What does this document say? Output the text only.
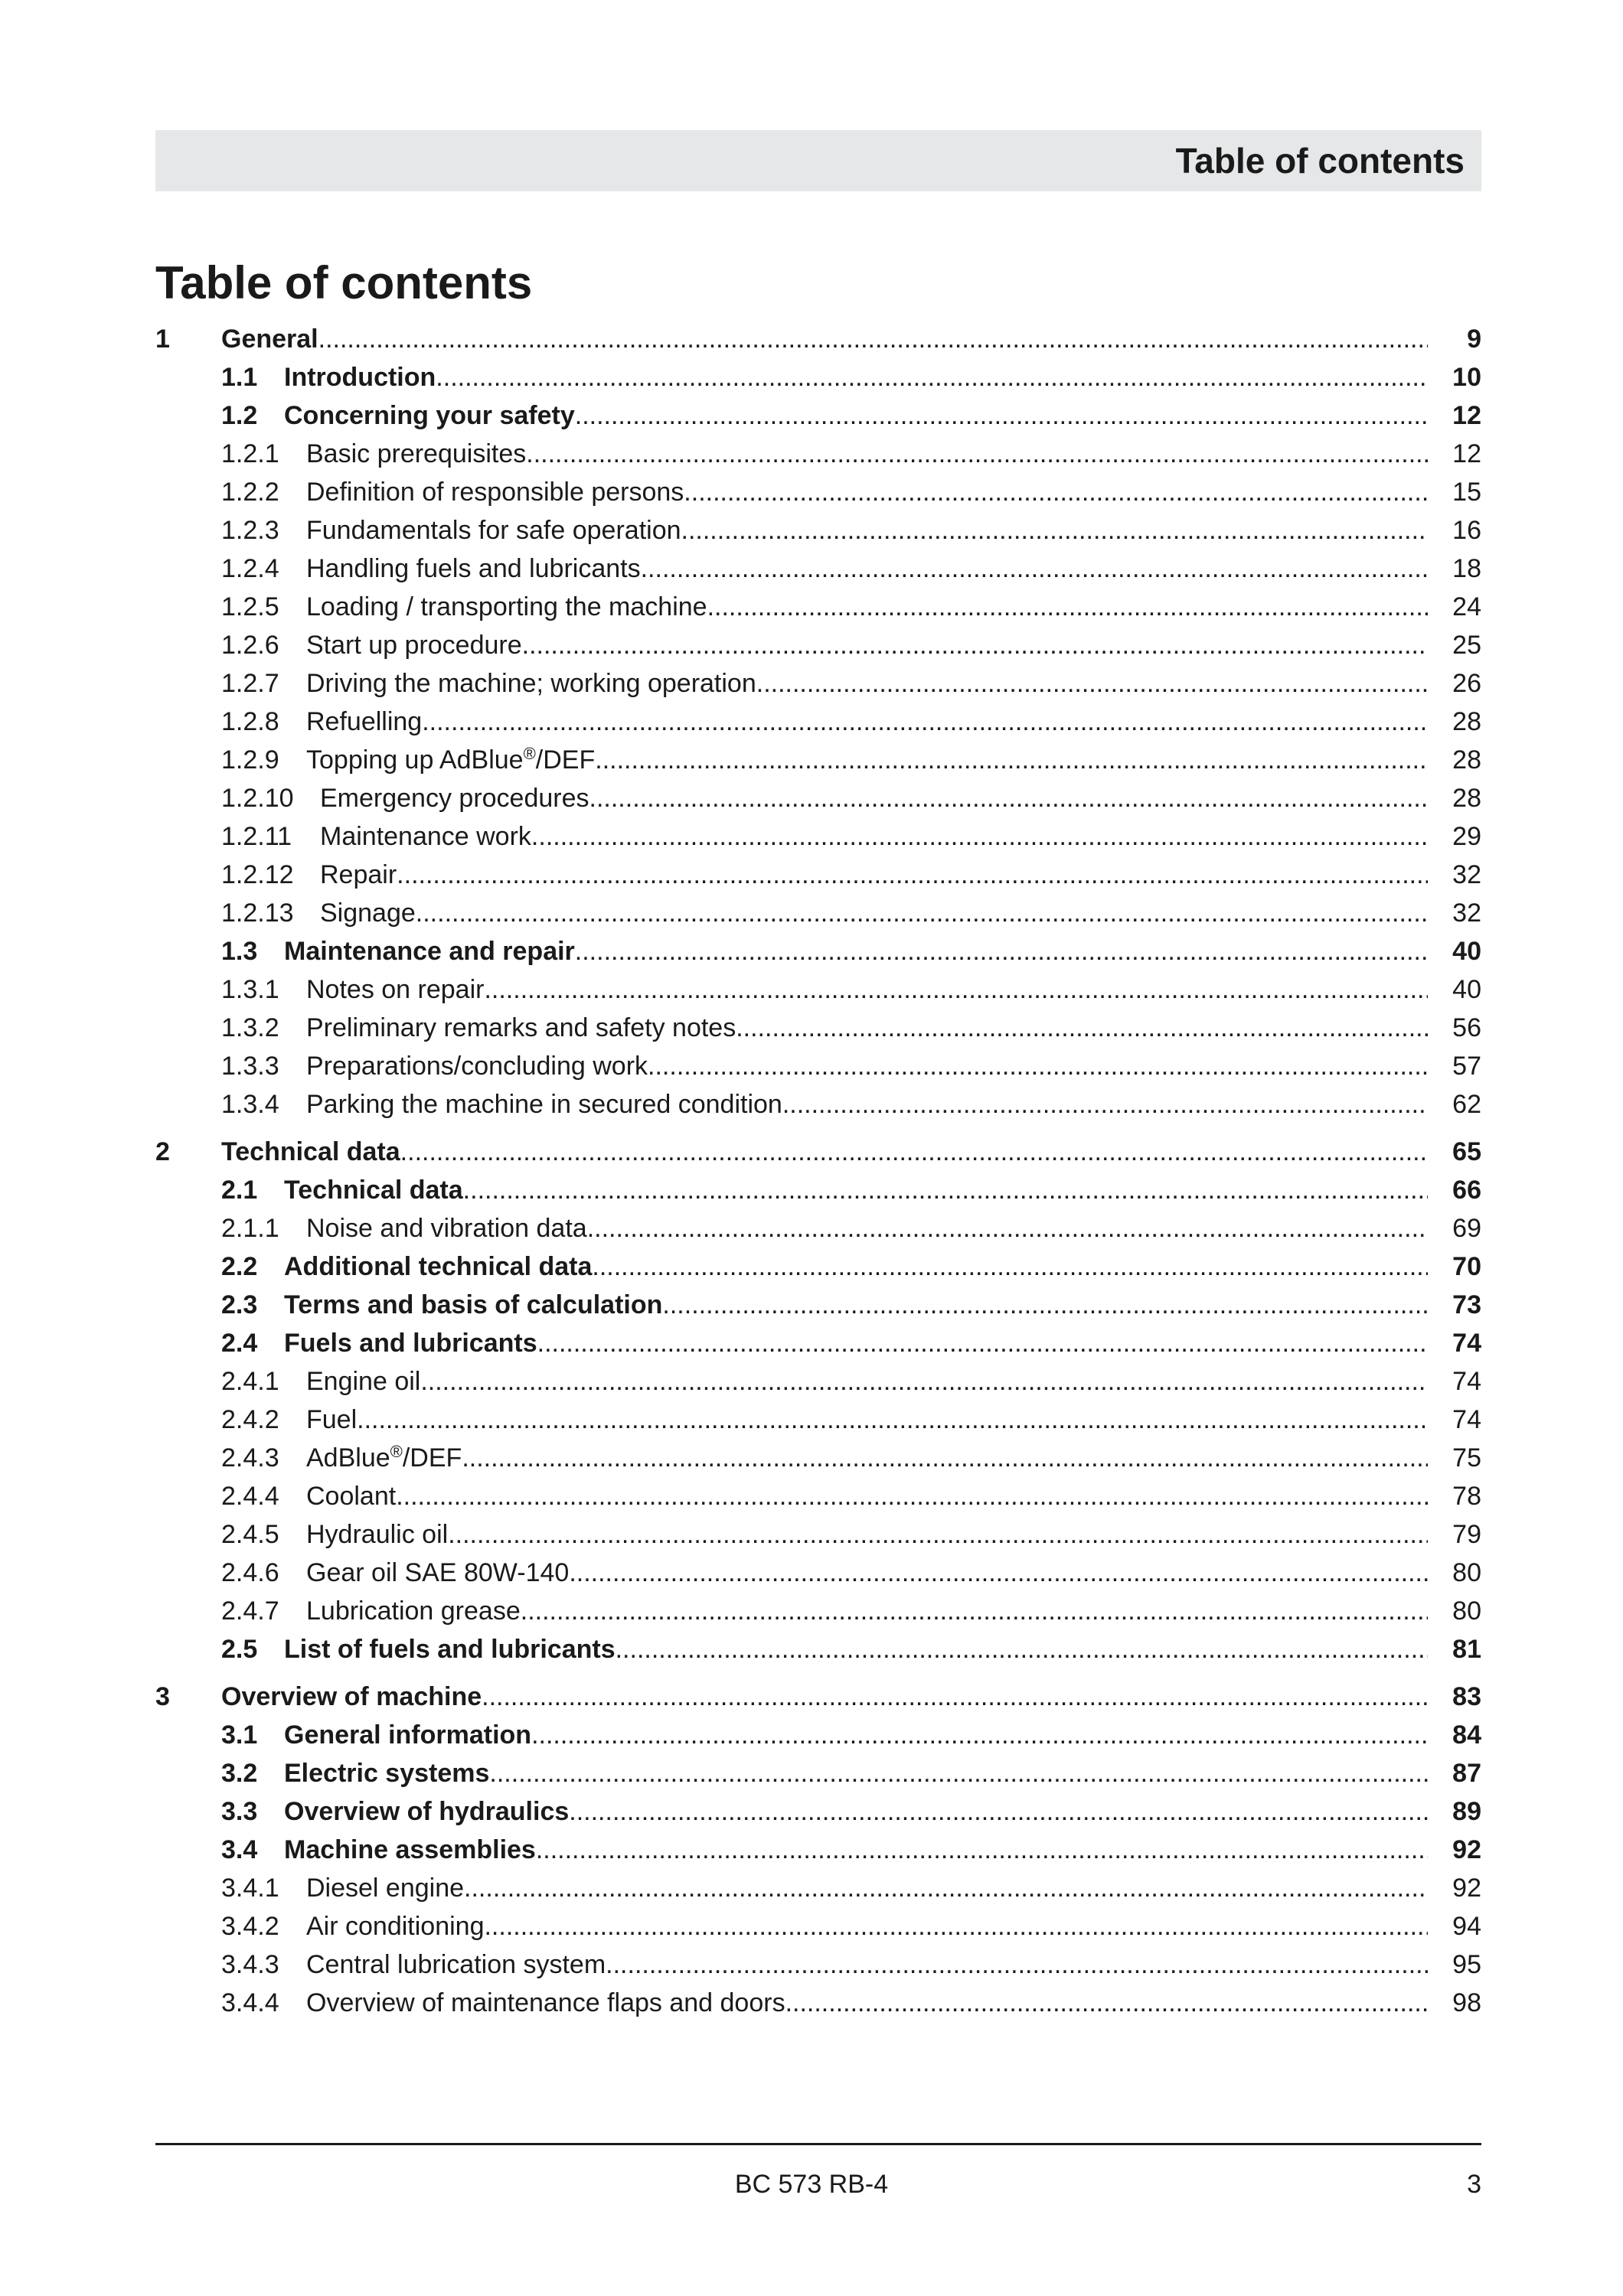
Table of contents
Table of contents
1 General .....	9
1.1 Introduction .....	10
1.2 Concerning your safety .....	12
1.2.1 Basic prerequisites .....	12
1.2.2 Definition of responsible persons .....	15
1.2.3 Fundamentals for safe operation .....	16
1.2.4 Handling fuels and lubricants .....	18
1.2.5 Loading / transporting the machine .....	24
1.2.6 Start up procedure .....	25
1.2.7 Driving the machine; working operation .....	26
1.2.8 Refuelling .....	28
1.2.9 Topping up AdBlue®/DEF .....	28
1.2.10 Emergency procedures .....	28
1.2.11 Maintenance work .....	29
1.2.12 Repair .....	32
1.2.13 Signage .....	32
1.3 Maintenance and repair .....	40
1.3.1 Notes on repair .....	40
1.3.2 Preliminary remarks and safety notes .....	56
1.3.3 Preparations/concluding work .....	57
1.3.4 Parking the machine in secured condition .....	62
2 Technical data .....	65
2.1 Technical data .....	66
2.1.1 Noise and vibration data .....	69
2.2 Additional technical data .....	70
2.3 Terms and basis of calculation .....	73
2.4 Fuels and lubricants .....	74
2.4.1 Engine oil .....	74
2.4.2 Fuel .....	74
2.4.3 AdBlue®/DEF .....	75
2.4.4 Coolant .....	78
2.4.5 Hydraulic oil .....	79
2.4.6 Gear oil SAE 80W-140 .....	80
2.4.7 Lubrication grease .....	80
2.5 List of fuels and lubricants .....	81
3 Overview of machine .....	83
3.1 General information .....	84
3.2 Electric systems .....	87
3.3 Overview of hydraulics .....	89
3.4 Machine assemblies .....	92
3.4.1 Diesel engine .....	92
3.4.2 Air conditioning .....	94
3.4.3 Central lubrication system .....	95
3.4.4 Overview of maintenance flaps and doors .....	98
BC 573 RB-4	3
